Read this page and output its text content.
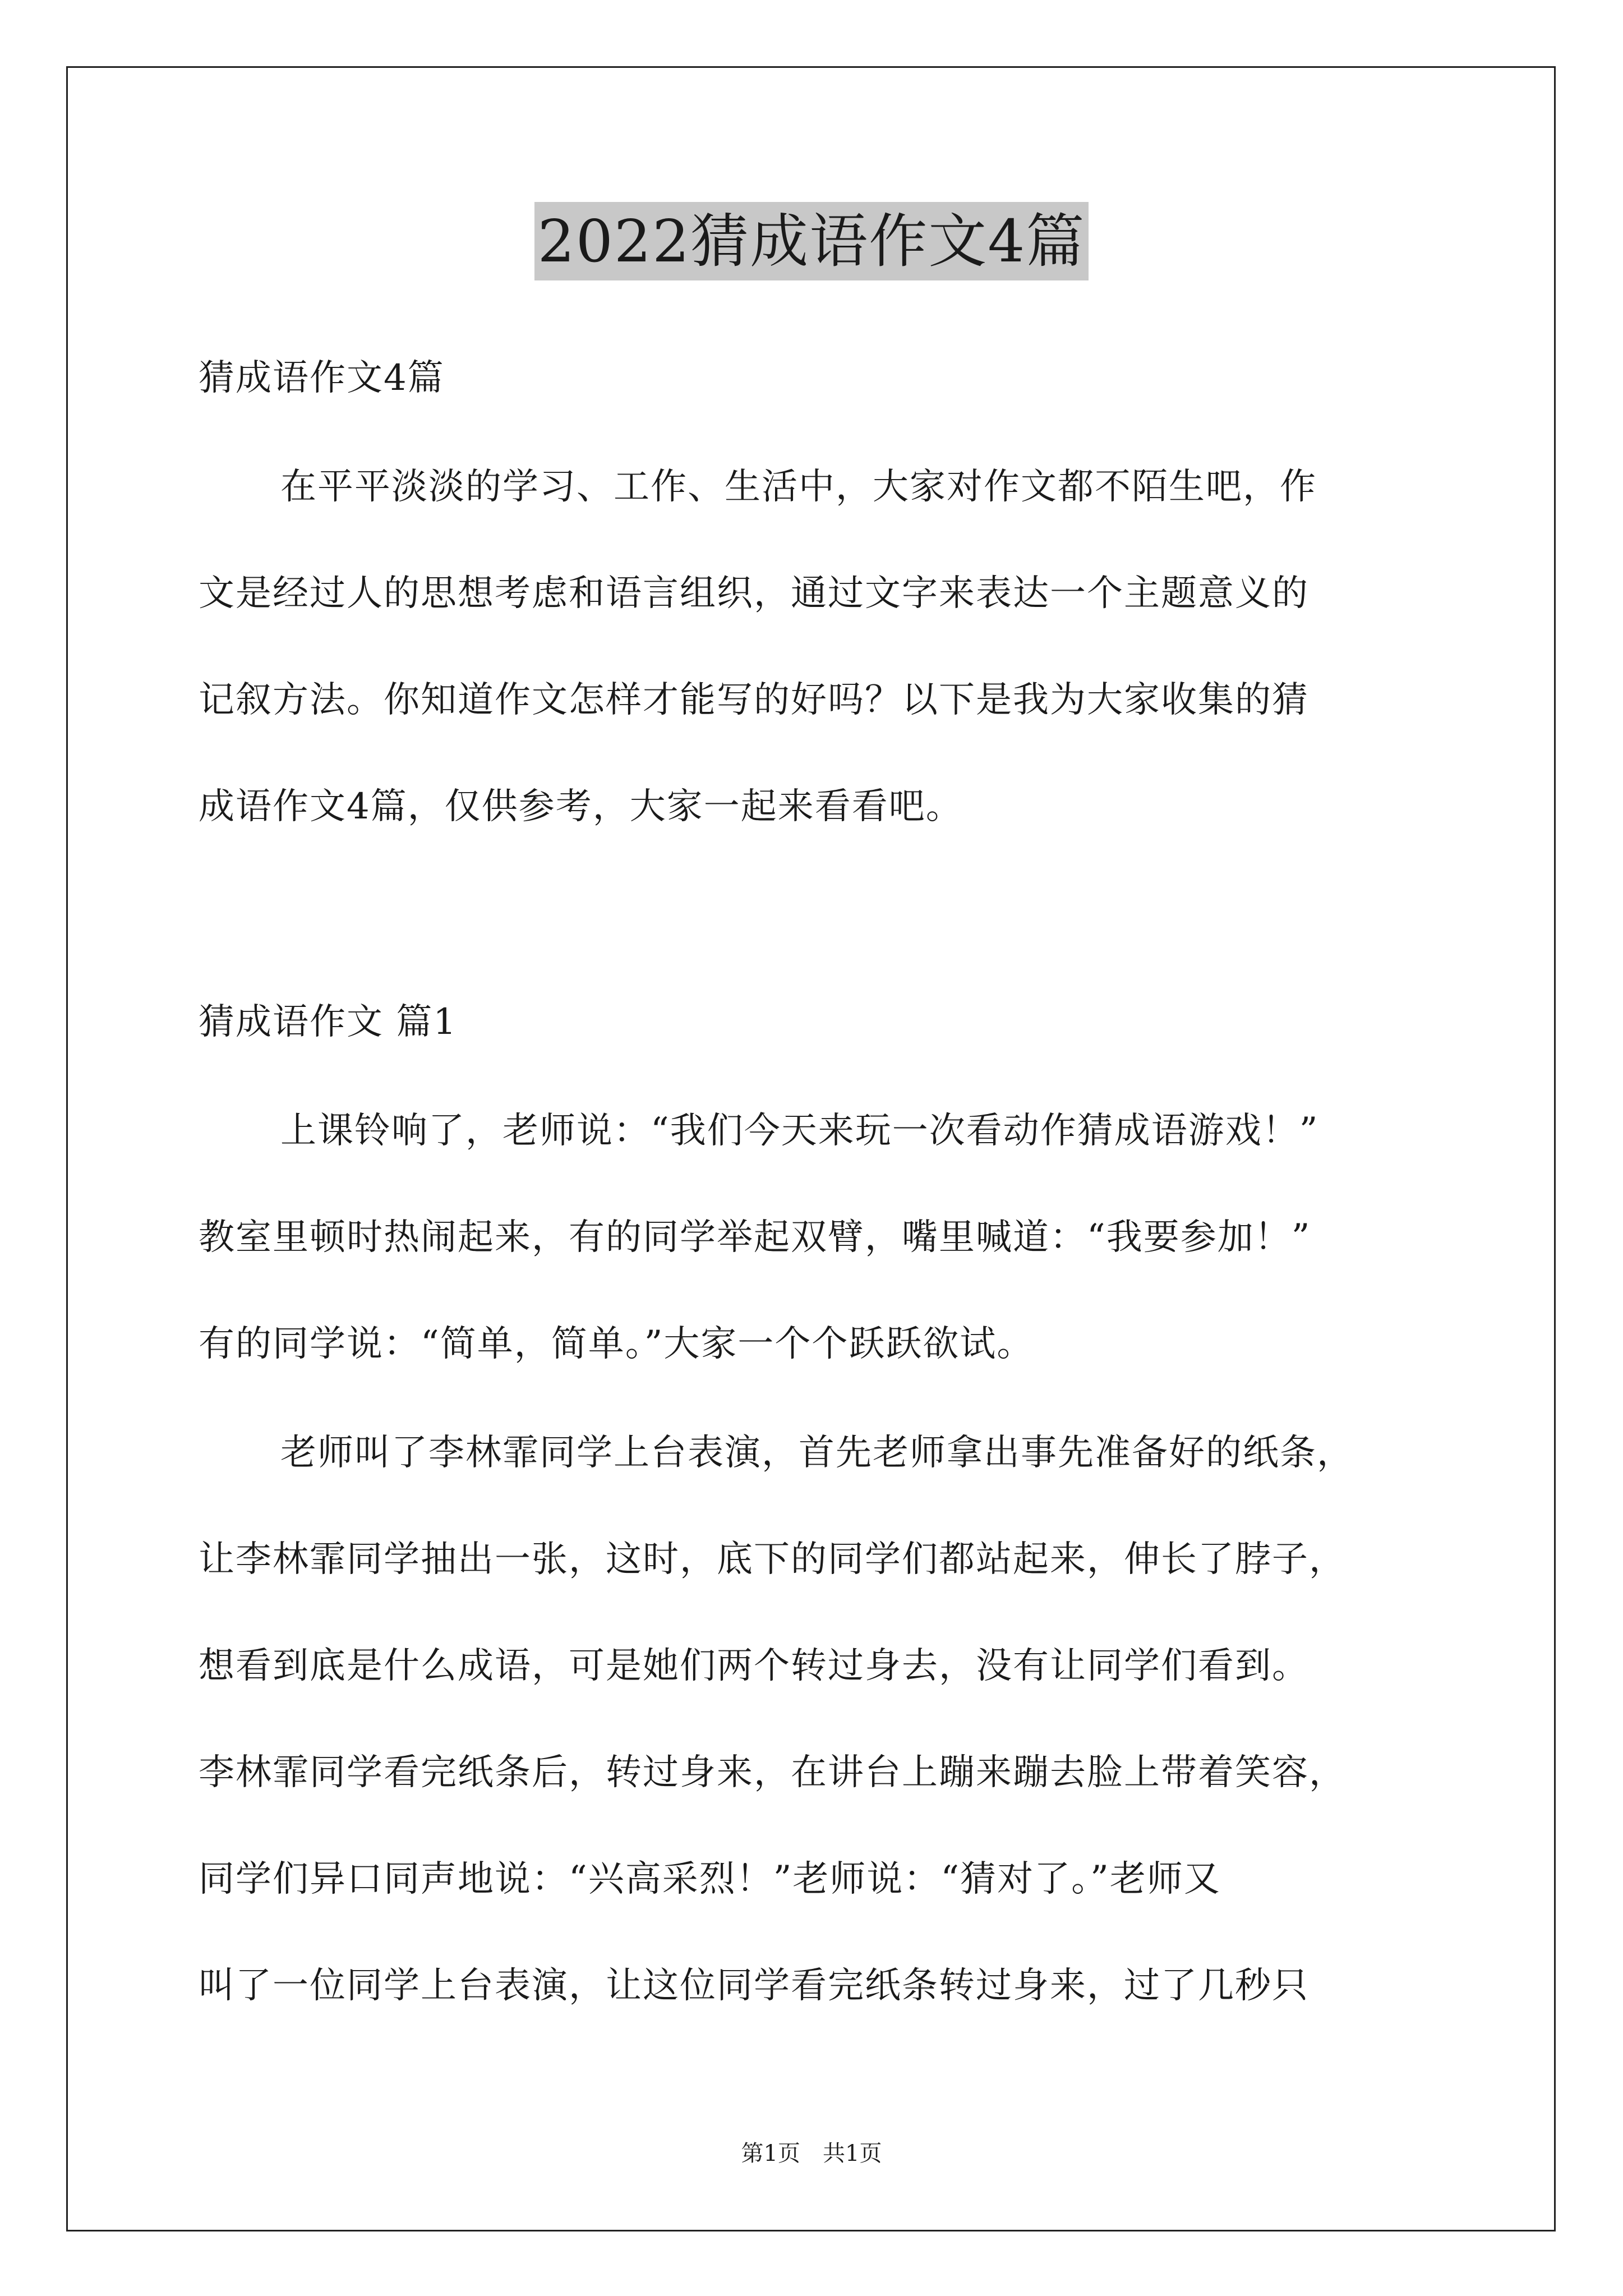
2022猜成语作文4篇
猜成语作文4篇
在平平淡淡的学习、工作、生活中，大家对作文都不陌生吧，作
文是经过人的思想考虑和语言组织，通过文字来表达一个主题意义的
记叙方法。你知道作文怎样才能写的好吗？以下是我为大家收集的猜
成语作文4篇，仅供参考，大家一起来看看吧。
猜成语作文 篇1
上课铃响了，老师说：“我们今天来玩一次看动作猜成语游戏！”
教室里顿时热闹起来，有的同学举起双臂，嘴里喊道：“我要参加！”
有的同学说：“简单，简单。”大家一个个跃跃欲试。
老师叫了李林霏同学上台表演，首先老师拿出事先准备好的纸条，
让李林霏同学抽出一张，这时，底下的同学们都站起来，伸长了脖子，
想看到底是什么成语，可是她们两个转过身去，没有让同学们看到。
李林霏同学看完纸条后，转过身来，在讲台上蹦来蹦去脸上带着笑容，
同学们异口同声地说：“兴高采烈！”老师说：“猜对了。”老师又
叫了一位同学上台表演，让这位同学看完纸条转过身来，过了几秒只
第1页　共1页
